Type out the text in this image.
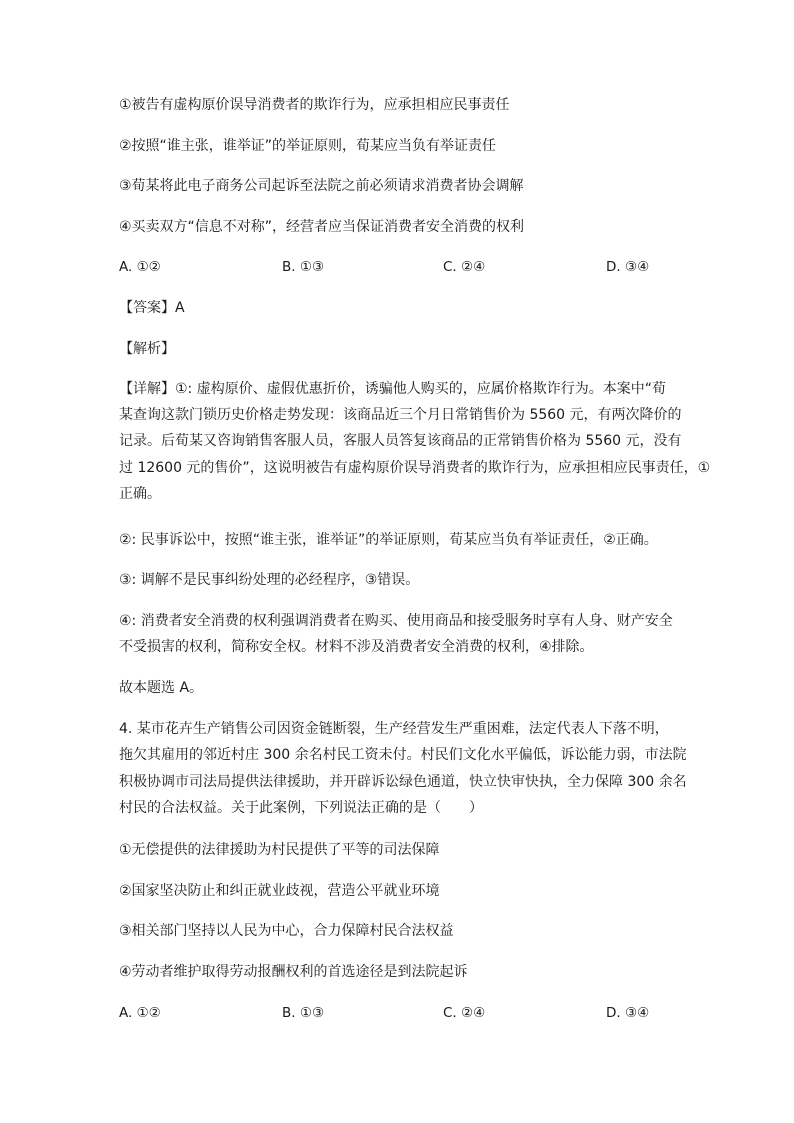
①被告有虚构原价误导消费者的欺诈行为，应承担相应民事责任
②按照“谁主张，谁举证”的举证原则，荀某应当负有举证责任
③荀某将此电子商务公司起诉至法院之前必须请求消费者协会调解
④买卖双方“信息不对称”，经营者应当保证消费者安全消费的权利
A. ①②	B. ①③	C. ②④	D. ③④
【答案】A
【解析】
【详解】①: 虚构原价、虚假优惠折价，诱骗他人购买的，应属价格欺诈行为。本案中“荀
某查询这款门锁历史价格走势发现：该商品近三个月日常销售价为 5560 元，有两次降价的
记录。后荀某又咨询销售客服人员，客服人员答复该商品的正常销售价格为 5560 元，没有
过 12600 元的售价”，这说明被告有虚构原价误导消费者的欺诈行为，应承担相应民事责任，①
正确。
②: 民事诉讼中，按照“谁主张，谁举证”的举证原则，荀某应当负有举证责任，②正确。
③: 调解不是民事纠纷处理的必经程序，③错误。
④: 消费者安全消费的权利强调消费者在购买、使用商品和接受服务时享有人身、财产安全
不受损害的权利，简称安全权。材料不涉及消费者安全消费的权利，④排除。
故本题选 A。
4. 某市花卉生产销售公司因资金链断裂，生产经营发生严重困难，法定代表人下落不明，
拖欠其雇用的邻近村庄 300 余名村民工资未付。村民们文化水平偏低，诉讼能力弱，市法院
积极协调市司法局提供法律援助，并开辟诉讼绿色通道，快立快审快执，全力保障 300 余名
村民的合法权益。关于此案例，下列说法正确的是（　　）
①无偿提供的法律援助为村民提供了平等的司法保障
②国家坚决防止和纠正就业歧视，营造公平就业环境
③相关部门坚持以人民为中心，合力保障村民合法权益
④劳动者维护取得劳动报酬权利的首选途径是到法院起诉
A. ①②	B. ①③	C. ②④	D. ③④
